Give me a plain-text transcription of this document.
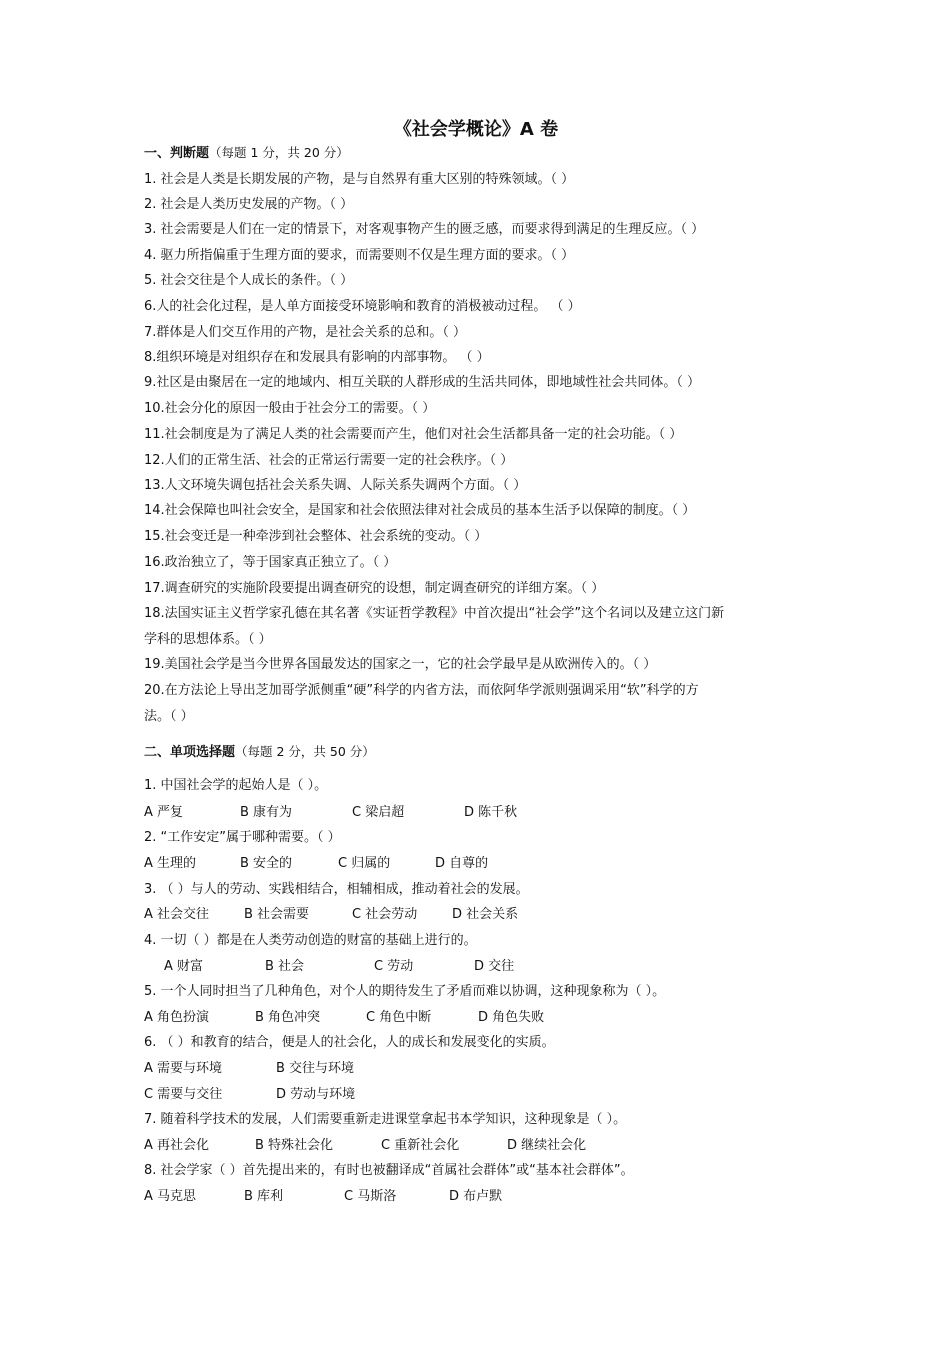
《社会学概论》A 卷
一、判断题（每题 1 分，共 20 分）
1. 社会是人类是长期发展的产物，是与自然界有重大区别的特殊领域。（ ）
2. 社会是人类历史发展的产物。（ ）
3. 社会需要是人们在一定的情景下，对客观事物产生的匮乏感，而要求得到满足的生理反应。（ ）
4. 驱力所指偏重于生理方面的要求，而需要则不仅是生理方面的要求。（ ）
5. 社会交往是个人成长的条件。（ ）
6.人的社会化过程，是人单方面接受环境影响和教育的消极被动过程。 （ ）
7.群体是人们交互作用的产物，是社会关系的总和。（ ）
8.组织环境是对组织存在和发展具有影响的内部事物。 （ ）
9.社区是由聚居在一定的地域内、相互关联的人群形成的生活共同体，即地域性社会共同体。（ ）
10.社会分化的原因一般由于社会分工的需要。（ ）
11.社会制度是为了满足人类的社会需要而产生，他们对社会生活都具备一定的社会功能。（ ）
12.人们的正常生活、社会的正常运行需要一定的社会秩序。（ ）
13.人文环境失调包括社会关系失调、人际关系失调两个方面。（ ）
14.社会保障也叫社会安全，是国家和社会依照法律对社会成员的基本生活予以保障的制度。（ ）
15.社会变迁是一种牵涉到社会整体、社会系统的变动。（ ）
16.政治独立了，等于国家真正独立了。（ ）
17.调查研究的实施阶段要提出调查研究的设想，制定调查研究的详细方案。（ ）
18.法国实证主义哲学家孔德在其名著《实证哲学教程》中首次提出“社会学”这个名词以及建立这门新
学科的思想体系。（ ）
19.美国社会学是当今世界各国最发达的国家之一，它的社会学最早是从欧洲传入的。（ ）
20.在方法论上导出芝加哥学派侧重“硬”科学的内省方法，而依阿华学派则强调采用“软”科学的方
法。（ ）
二、单项选择题（每题 2 分，共 50 分）
1. 中国社会学的起始人是（ ）。
A 严复	B 康有为	C 梁启超	D 陈千秋
2. “工作安定”属于哪种需要。（ ）
A 生理的	B 安全的	C 归属的	D 自尊的
3. （ ）与人的劳动、实践相结合，相辅相成，推动着社会的发展。
A 社会交往	B 社会需要	C 社会劳动	D 社会关系
4. 一切（ ）都是在人类劳动创造的财富的基础上进行的。
A 财富	B 社会	C 劳动	D 交往
5. 一个人同时担当了几种角色，对个人的期待发生了矛盾而难以协调，这种现象称为（ ）。
A 角色扮演	B 角色冲突	C 角色中断	D 角色失败
6. （ ）和教育的结合，便是人的社会化，人的成长和发展变化的实质。
A 需要与环境	B 交往与环境
C 需要与交往	D 劳动与环境
7. 随着科学技术的发展，人们需要重新走进课堂拿起书本学知识，这种现象是（ ）。
A 再社会化	B 特殊社会化	C 重新社会化	D 继续社会化
8. 社会学家（ ）首先提出来的，有时也被翻译成“首属社会群体”或“基本社会群体”。
A 马克思	B 库利	C 马斯洛	D 布卢默
